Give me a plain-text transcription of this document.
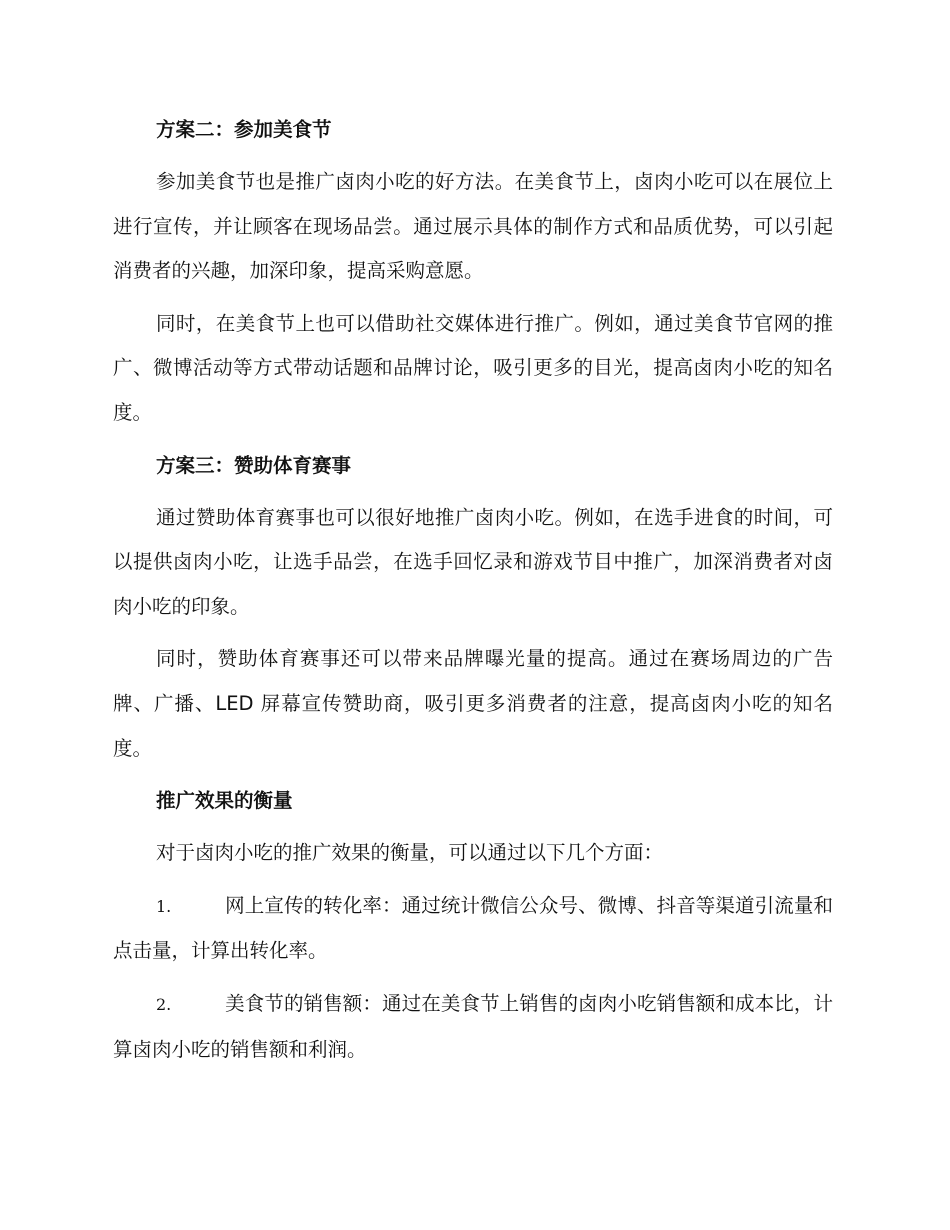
方案二：参加美食节

参加美食节也是推广卤肉小吃的好方法。在美食节上，卤肉小吃可以在展位上进行宣传，并让顾客在现场品尝。通过展示具体的制作方式和品质优势，可以引起消费者的兴趣，加深印象，提高采购意愿。

同时，在美食节上也可以借助社交媒体进行推广。例如，通过美食节官网的推广、微博活动等方式带动话题和品牌讨论，吸引更多的目光，提高卤肉小吃的知名度。

方案三：赞助体育赛事

通过赞助体育赛事也可以很好地推广卤肉小吃。例如，在选手进食的时间，可以提供卤肉小吃，让选手品尝，在选手回忆录和游戏节目中推广，加深消费者对卤肉小吃的印象。

同时，赞助体育赛事还可以带来品牌曝光量的提高。通过在赛场周边的广告牌、广播、LED 屏幕宣传赞助商，吸引更多消费者的注意，提高卤肉小吃的知名度。

推广效果的衡量

对于卤肉小吃的推广效果的衡量，可以通过以下几个方面：

1.	网上宣传的转化率：通过统计微信公众号、微博、抖音等渠道引流量和点击量，计算出转化率。

2.	美食节的销售额：通过在美食节上销售的卤肉小吃销售额和成本比，计算卤肉小吃的销售额和利润。
